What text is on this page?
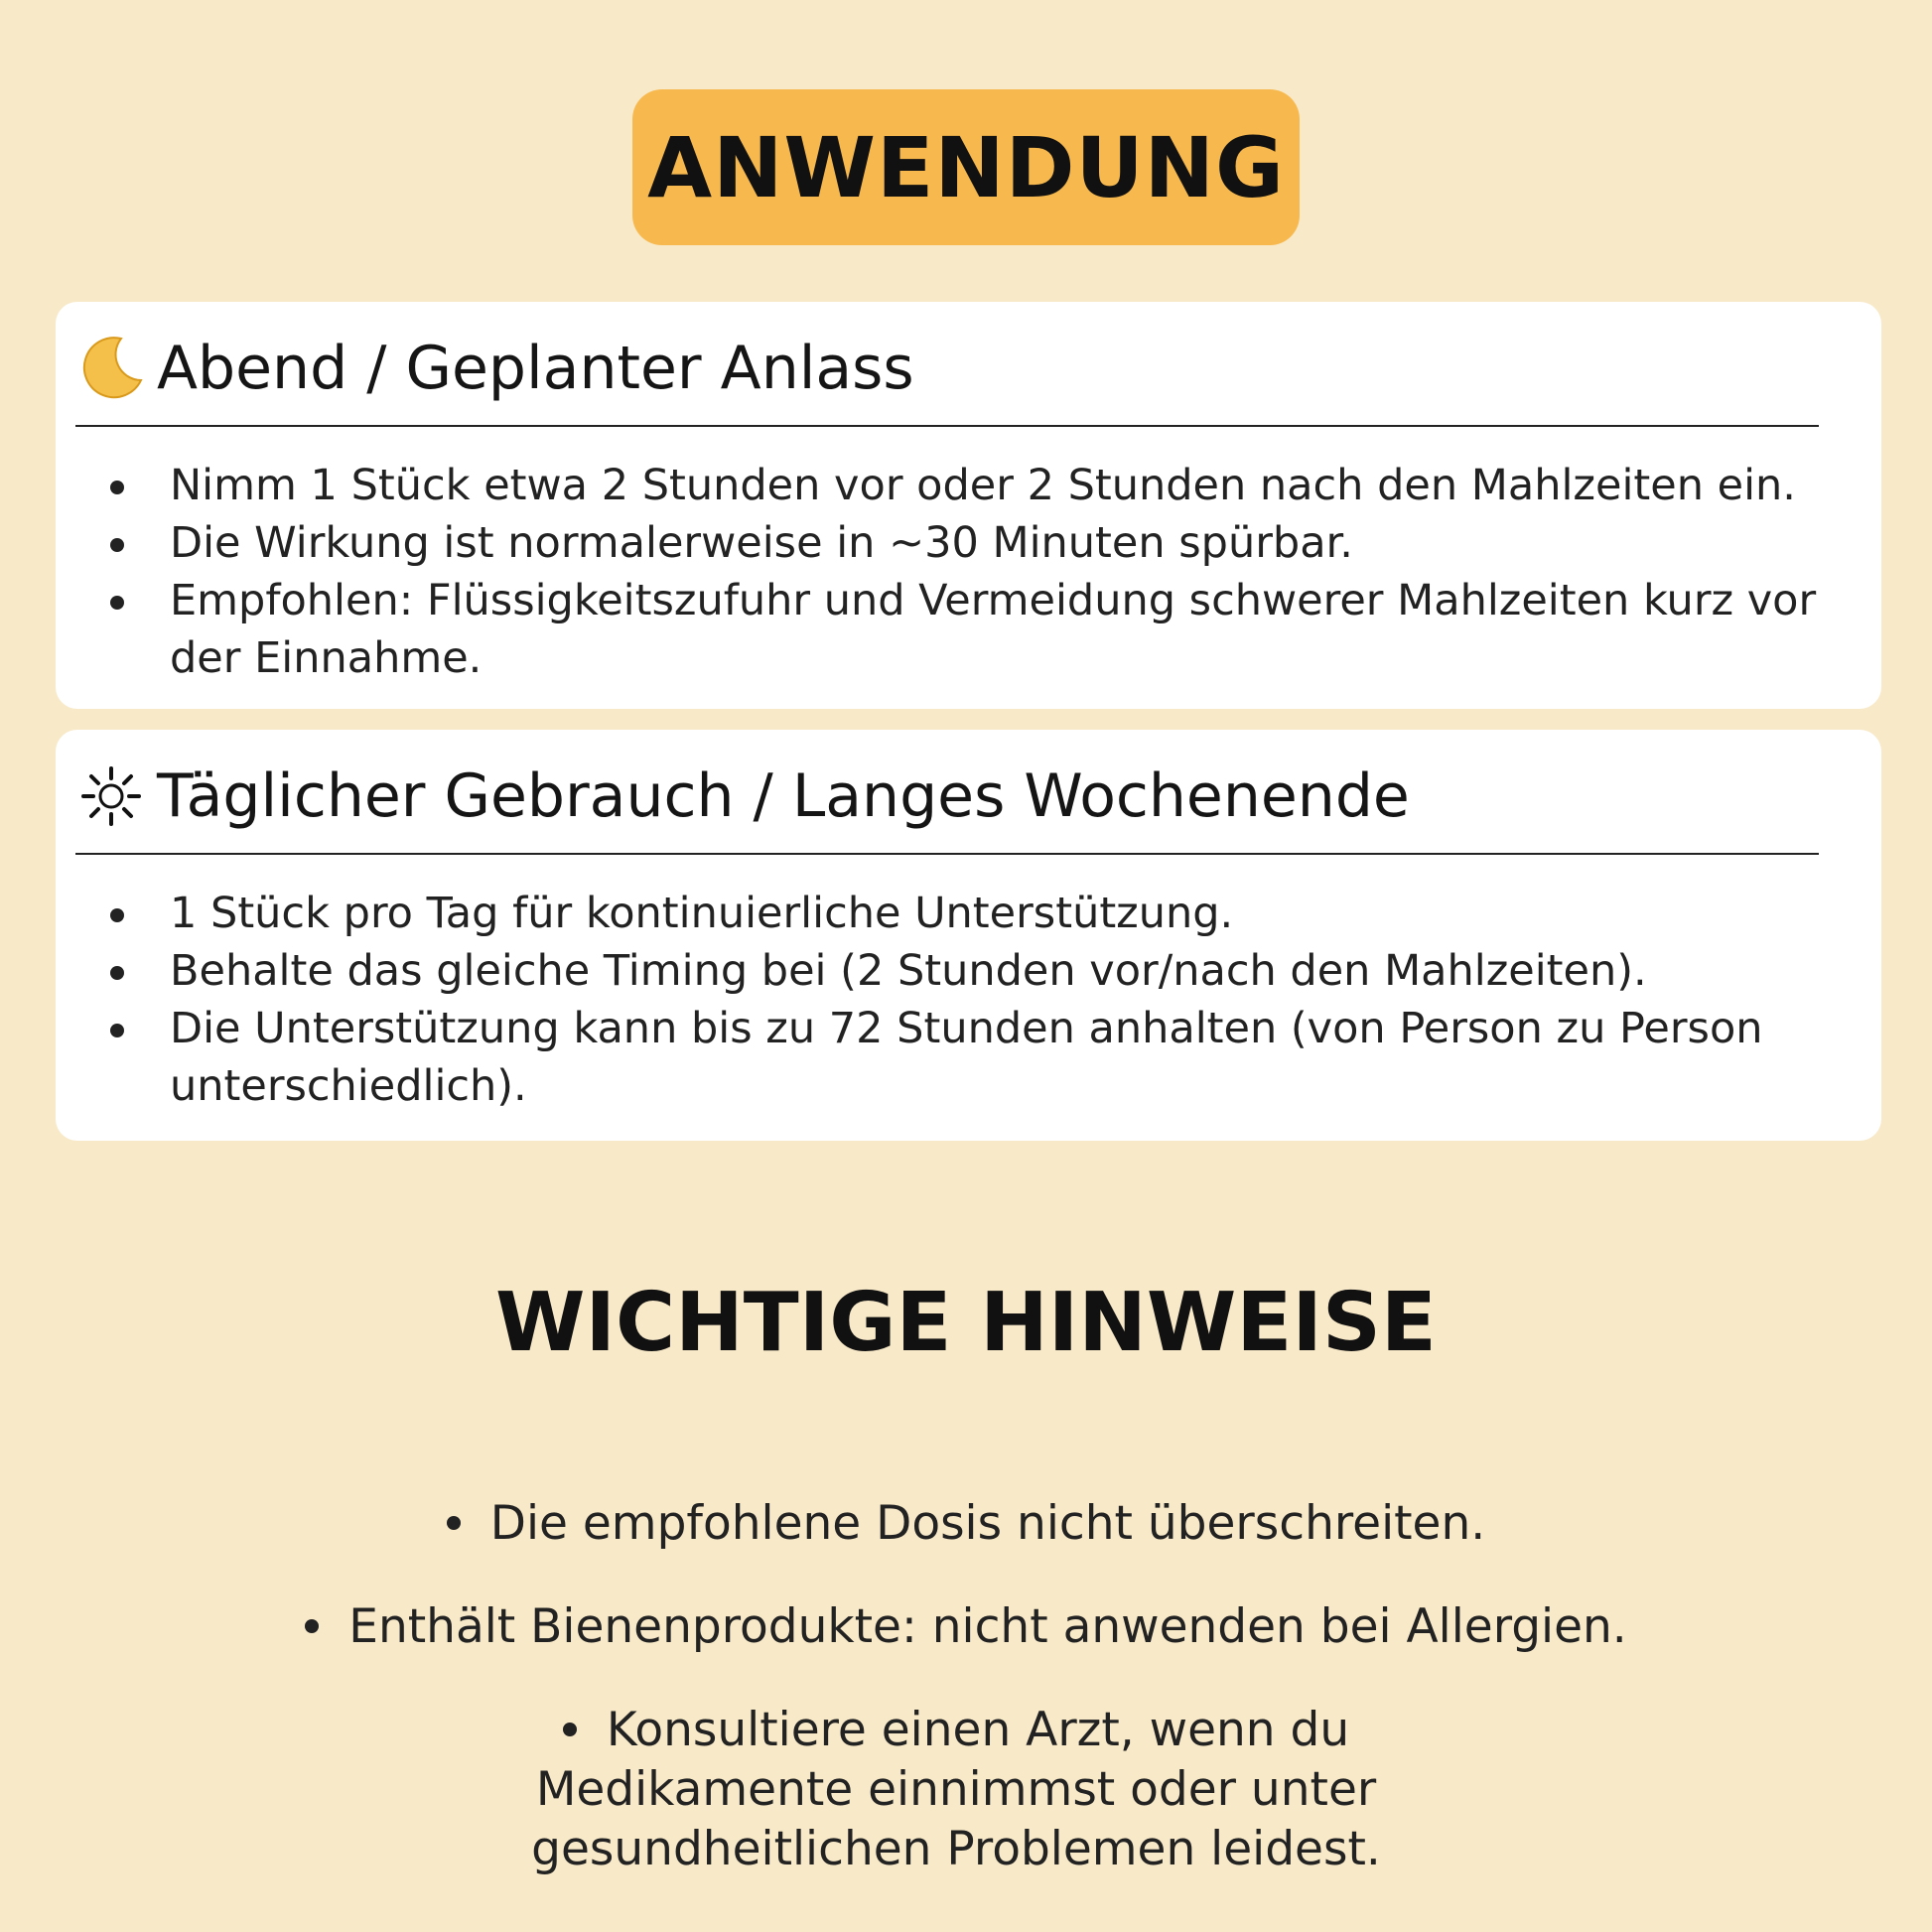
ANWENDUNG
Abend / Geplanter Anlass
Nimm 1 Stück etwa 2 Stunden vor oder 2 Stunden nach den Mahlzeiten ein.
Die Wirkung ist normalerweise in ~30 Minuten spürbar.
Empfohlen: Flüssigkeitszufuhr und Vermeidung schwerer Mahlzeiten kurz vor der Einnahme.
Täglicher Gebrauch / Langes Wochenende
1 Stück pro Tag für kontinuierliche Unterstützung.
Behalte das gleiche Timing bei (2 Stunden vor/nach den Mahlzeiten).
Die Unterstützung kann bis zu 72 Stunden anhalten (von Person zu Person unterschiedlich).
WICHTIGE HINWEISE
Die empfohlene Dosis nicht überschreiten.
Enthält Bienenprodukte: nicht anwenden bei Allergien.
Konsultiere einen Arzt, wenn du Medikamente einnimmst oder unter gesundheitlichen Problemen leidest.
